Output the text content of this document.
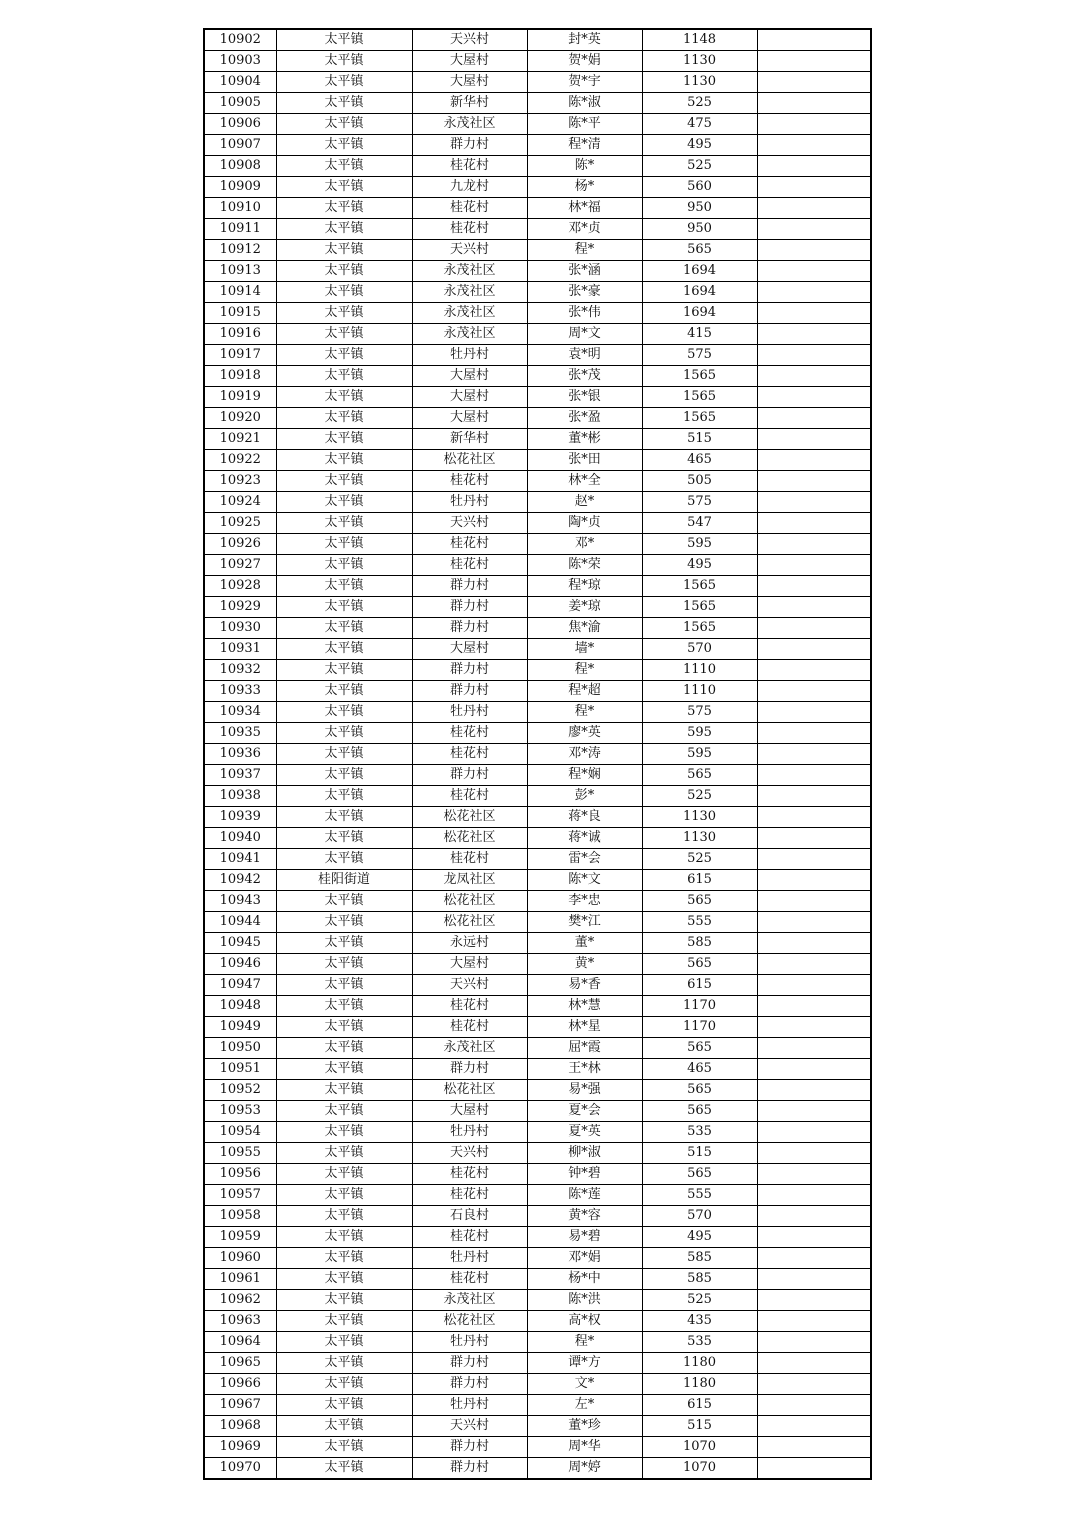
10902	太平镇	天兴村	封*英	1148	
10903	太平镇	大屋村	贺*娟	1130	
10904	太平镇	大屋村	贺*宇	1130	
10905	太平镇	新华村	陈*淑	525	
10906	太平镇	永茂社区	陈*平	475	
10907	太平镇	群力村	程*清	495	
10908	太平镇	桂花村	陈*	525	
10909	太平镇	九龙村	杨*	560	
10910	太平镇	桂花村	林*福	950	
10911	太平镇	桂花村	邓*贞	950	
10912	太平镇	天兴村	程*	565	
10913	太平镇	永茂社区	张*涵	1694	
10914	太平镇	永茂社区	张*豪	1694	
10915	太平镇	永茂社区	张*伟	1694	
10916	太平镇	永茂社区	周*文	415	
10917	太平镇	牡丹村	袁*明	575	
10918	太平镇	大屋村	张*茂	1565	
10919	太平镇	大屋村	张*银	1565	
10920	太平镇	大屋村	张*盈	1565	
10921	太平镇	新华村	董*彬	515	
10922	太平镇	松花社区	张*田	465	
10923	太平镇	桂花村	林*全	505	
10924	太平镇	牡丹村	赵*	575	
10925	太平镇	天兴村	陶*贞	547	
10926	太平镇	桂花村	邓*	595	
10927	太平镇	桂花村	陈*荣	495	
10928	太平镇	群力村	程*琼	1565	
10929	太平镇	群力村	姜*琼	1565	
10930	太平镇	群力村	焦*渝	1565	
10931	太平镇	大屋村	墙*	570	
10932	太平镇	群力村	程*	1110	
10933	太平镇	群力村	程*超	1110	
10934	太平镇	牡丹村	程*	575	
10935	太平镇	桂花村	廖*英	595	
10936	太平镇	桂花村	邓*涛	595	
10937	太平镇	群力村	程*娴	565	
10938	太平镇	桂花村	彭*	525	
10939	太平镇	松花社区	蒋*良	1130	
10940	太平镇	松花社区	蒋*诚	1130	
10941	太平镇	桂花村	雷*会	525	
10942	桂阳街道	龙凤社区	陈*文	615	
10943	太平镇	松花社区	李*忠	565	
10944	太平镇	松花社区	樊*江	555	
10945	太平镇	永远村	董*	585	
10946	太平镇	大屋村	黄*	565	
10947	太平镇	天兴村	易*香	615	
10948	太平镇	桂花村	林*慧	1170	
10949	太平镇	桂花村	林*星	1170	
10950	太平镇	永茂社区	屈*霞	565	
10951	太平镇	群力村	王*林	465	
10952	太平镇	松花社区	易*强	565	
10953	太平镇	大屋村	夏*会	565	
10954	太平镇	牡丹村	夏*英	535	
10955	太平镇	天兴村	柳*淑	515	
10956	太平镇	桂花村	钟*碧	565	
10957	太平镇	桂花村	陈*莲	555	
10958	太平镇	石良村	黄*容	570	
10959	太平镇	桂花村	易*碧	495	
10960	太平镇	牡丹村	邓*娟	585	
10961	太平镇	桂花村	杨*中	585	
10962	太平镇	永茂社区	陈*洪	525	
10963	太平镇	松花社区	高*权	435	
10964	太平镇	牡丹村	程*	535	
10965	太平镇	群力村	谭*方	1180	
10966	太平镇	群力村	文*	1180	
10967	太平镇	牡丹村	左*	615	
10968	太平镇	天兴村	董*珍	515	
10969	太平镇	群力村	周*华	1070	
10970	太平镇	群力村	周*婷	1070	
